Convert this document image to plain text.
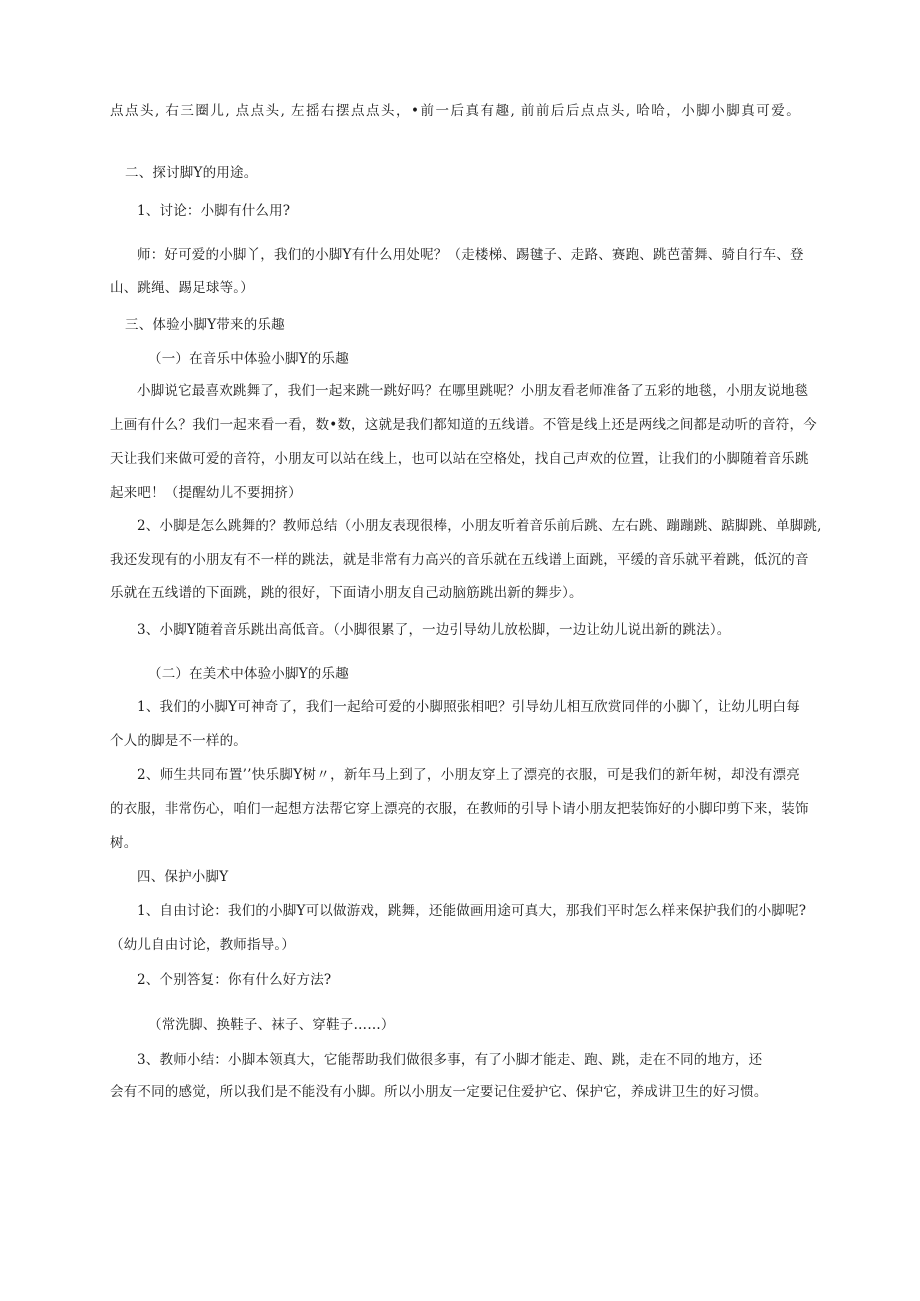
点点头, 右三圈儿, 点点头, 左摇右摆点点头，•前一后真有趣, 前前后后点点头, 哈哈，小脚小脚真可爱。
二、探讨脚Y的用途。
1、讨论：小脚有什么用?
师：好可爱的小脚丫，我们的小脚Y有什么用处呢？（走楼梯、踢毽子、走路、赛跑、跳芭蕾舞、骑自行车、登
山、跳绳、踢足球等。）
三、体验小脚Y带来的乐趣
（一）在音乐中体验小脚Y的乐趣
小脚说它最喜欢跳舞了，我们一起来跳一跳好吗？在哪里跳呢？小朋友看老师准备了五彩的地毯，小朋友说地毯
上画有什么？我们一起来看一看，数•数，这就是我们都知道的五线谱。不管是线上还是两线之间都是动听的音符，今
天让我们来做可爱的音符，小朋友可以站在线上，也可以站在空格处，找自己声欢的位置，让我们的小脚随着音乐跳
起来吧！（提醒幼儿不要拥挤）
2、小脚是怎么跳舞的？教师总结（小朋友表现很棒，小朋友听着音乐前后跳、左右跳、蹦蹦跳、踮脚跳、单脚跳,
我还发现有的小朋友有不一样的跳法，就是非常有力高兴的音乐就在五线谱上面跳，平缓的音乐就平着跳，低沉的音
乐就在五线谱的下面跳，跳的很好，下面请小朋友自己动脑筋跳出新的舞步）。
3、小脚Y随着音乐跳出高低音。（小脚很累了，一边引导幼儿放松脚，一边让幼儿说出新的跳法）。
（二）在美术中体验小脚Y的乐趣
1、我们的小脚Y可神奇了，我们一起给可爱的小脚照张相吧？引导幼儿相互欣赏同伴的小脚丫，让幼儿明白每
个人的脚是不一样的。
2、师生共同布置’’快乐脚Y树〃，新年马上到了，小朋友穿上了漂亮的衣服，可是我们的新年树，却没有漂亮
的衣服，非常伤心，咱们一起想方法帮它穿上漂亮的衣服，在教师的引导卜请小朋友把装饰好的小脚印剪下来，装饰
树。
四、保护小脚Y
1、自由讨论：我们的小脚Y可以做游戏，跳舞，还能做画用途可真大，那我们平时怎么样来保护我们的小脚呢?
（幼儿自由讨论，教师指导。）
2、个别答复：你有什么好方法?
（常洗脚、换鞋子、袜子、穿鞋子……）
3、教师小结：小脚本领真大，它能帮助我们做很多事，有了小脚才能走、跑、跳，走在不同的地方，还
会有不同的感觉，所以我们是不能没有小脚。所以小朋友一定要记住爱护它、保护它，养成讲卫生的好习惯。
